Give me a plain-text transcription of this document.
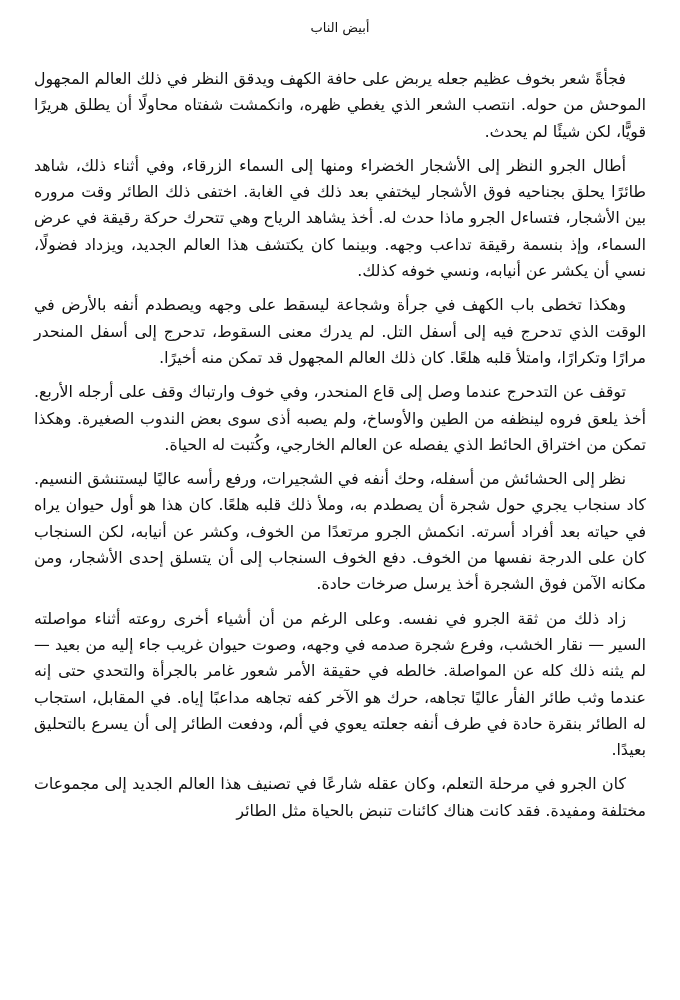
أبيض الناب

فجأةً شعر بخوف عظيم جعله يربض على حافة الكهف ويدقق النظر في ذلك العالم المجهول الموحش من حوله. انتصب الشعر الذي يغطي ظهره، وانكمشت شفتاه محاولًا أن يطلق هريرًا قويًّا، لكن شيئًا لم يحدث.

أطال الجرو النظر إلى الأشجار الخضراء ومنها إلى السماء الزرقاء، وفي أثناء ذلك، شاهد طائرًا يحلق بجناحيه فوق الأشجار ليختفي بعد ذلك في الغابة. اختفى ذلك الطائر وقت مروره بين الأشجار، فتساءل الجرو ماذا حدث له. أخذ يشاهد الرياح وهي تتحرك حركة رقيقة في عرض السماء، وإذ بنسمة رقيقة تداعب وجهه. وبينما كان يكتشف هذا العالم الجديد، ويزداد فضولًا، نسي أن يكشر عن أنيابه، ونسي خوفه كذلك.

وهكذا تخطى باب الكهف في جرأة وشجاعة ليسقط على وجهه ويصطدم أنفه بالأرض في الوقت الذي تدحرج فيه إلى أسفل التل. لم يدرك معنى السقوط، تدحرج إلى أسفل المنحدر مرارًا وتكرارًا، وامتلأ قلبه هلعًا. كان ذلك العالم المجهول قد تمكن منه أخيرًا.

توقف عن التدحرج عندما وصل إلى قاع المنحدر، وفي خوف وارتباك وقف على أرجله الأربع. أخذ يلعق فروه لينظفه من الطين والأوساخ، ولم يصبه أذى سوى بعض الندوب الصغيرة. وهكذا تمكن من اختراق الحائط الذي يفصله عن العالم الخارجي، وكُتبت له الحياة.

نظر إلى الحشائش من أسفله، وحك أنفه في الشجيرات، ورفع رأسه عاليًا ليستنشق النسيم. كاد سنجاب يجري حول شجرة أن يصطدم به، وملأ ذلك قلبه هلعًا. كان هذا هو أول حيوان يراه في حياته بعد أفراد أسرته. انكمش الجرو مرتعدًا من الخوف، وكشر عن أنيابه، لكن السنجاب كان على الدرجة نفسها من الخوف. دفع الخوف السنجاب إلى أن يتسلق إحدى الأشجار، ومن مكانه الآمن فوق الشجرة أخذ يرسل صرخات حادة.

زاد ذلك من ثقة الجرو في نفسه. وعلى الرغم من أن أشياء أخرى روعته أثناء مواصلته السير — نقار الخشب، وفرع شجرة صدمه في وجهه، وصوت حيوان غريب جاء إليه من بعيد — لم يثنه ذلك كله عن المواصلة. خالطه في حقيقة الأمر شعور غامر بالجرأة والتحدي حتى إنه عندما وثب طائر الفأر عاليًا تجاهه، حرك هو الآخر كفه تجاهه مداعبًا إياه. في المقابل، استجاب له الطائر بنقرة حادة في طرف أنفه جعلته يعوي في ألم، ودفعت الطائر إلى أن يسرع بالتحليق بعيدًا.

كان الجرو في مرحلة التعلم، وكان عقله شارعًا في تصنيف هذا العالم الجديد إلى مجموعات مختلفة ومفيدة. فقد كانت هناك كائنات تنبض بالحياة مثل الطائر
